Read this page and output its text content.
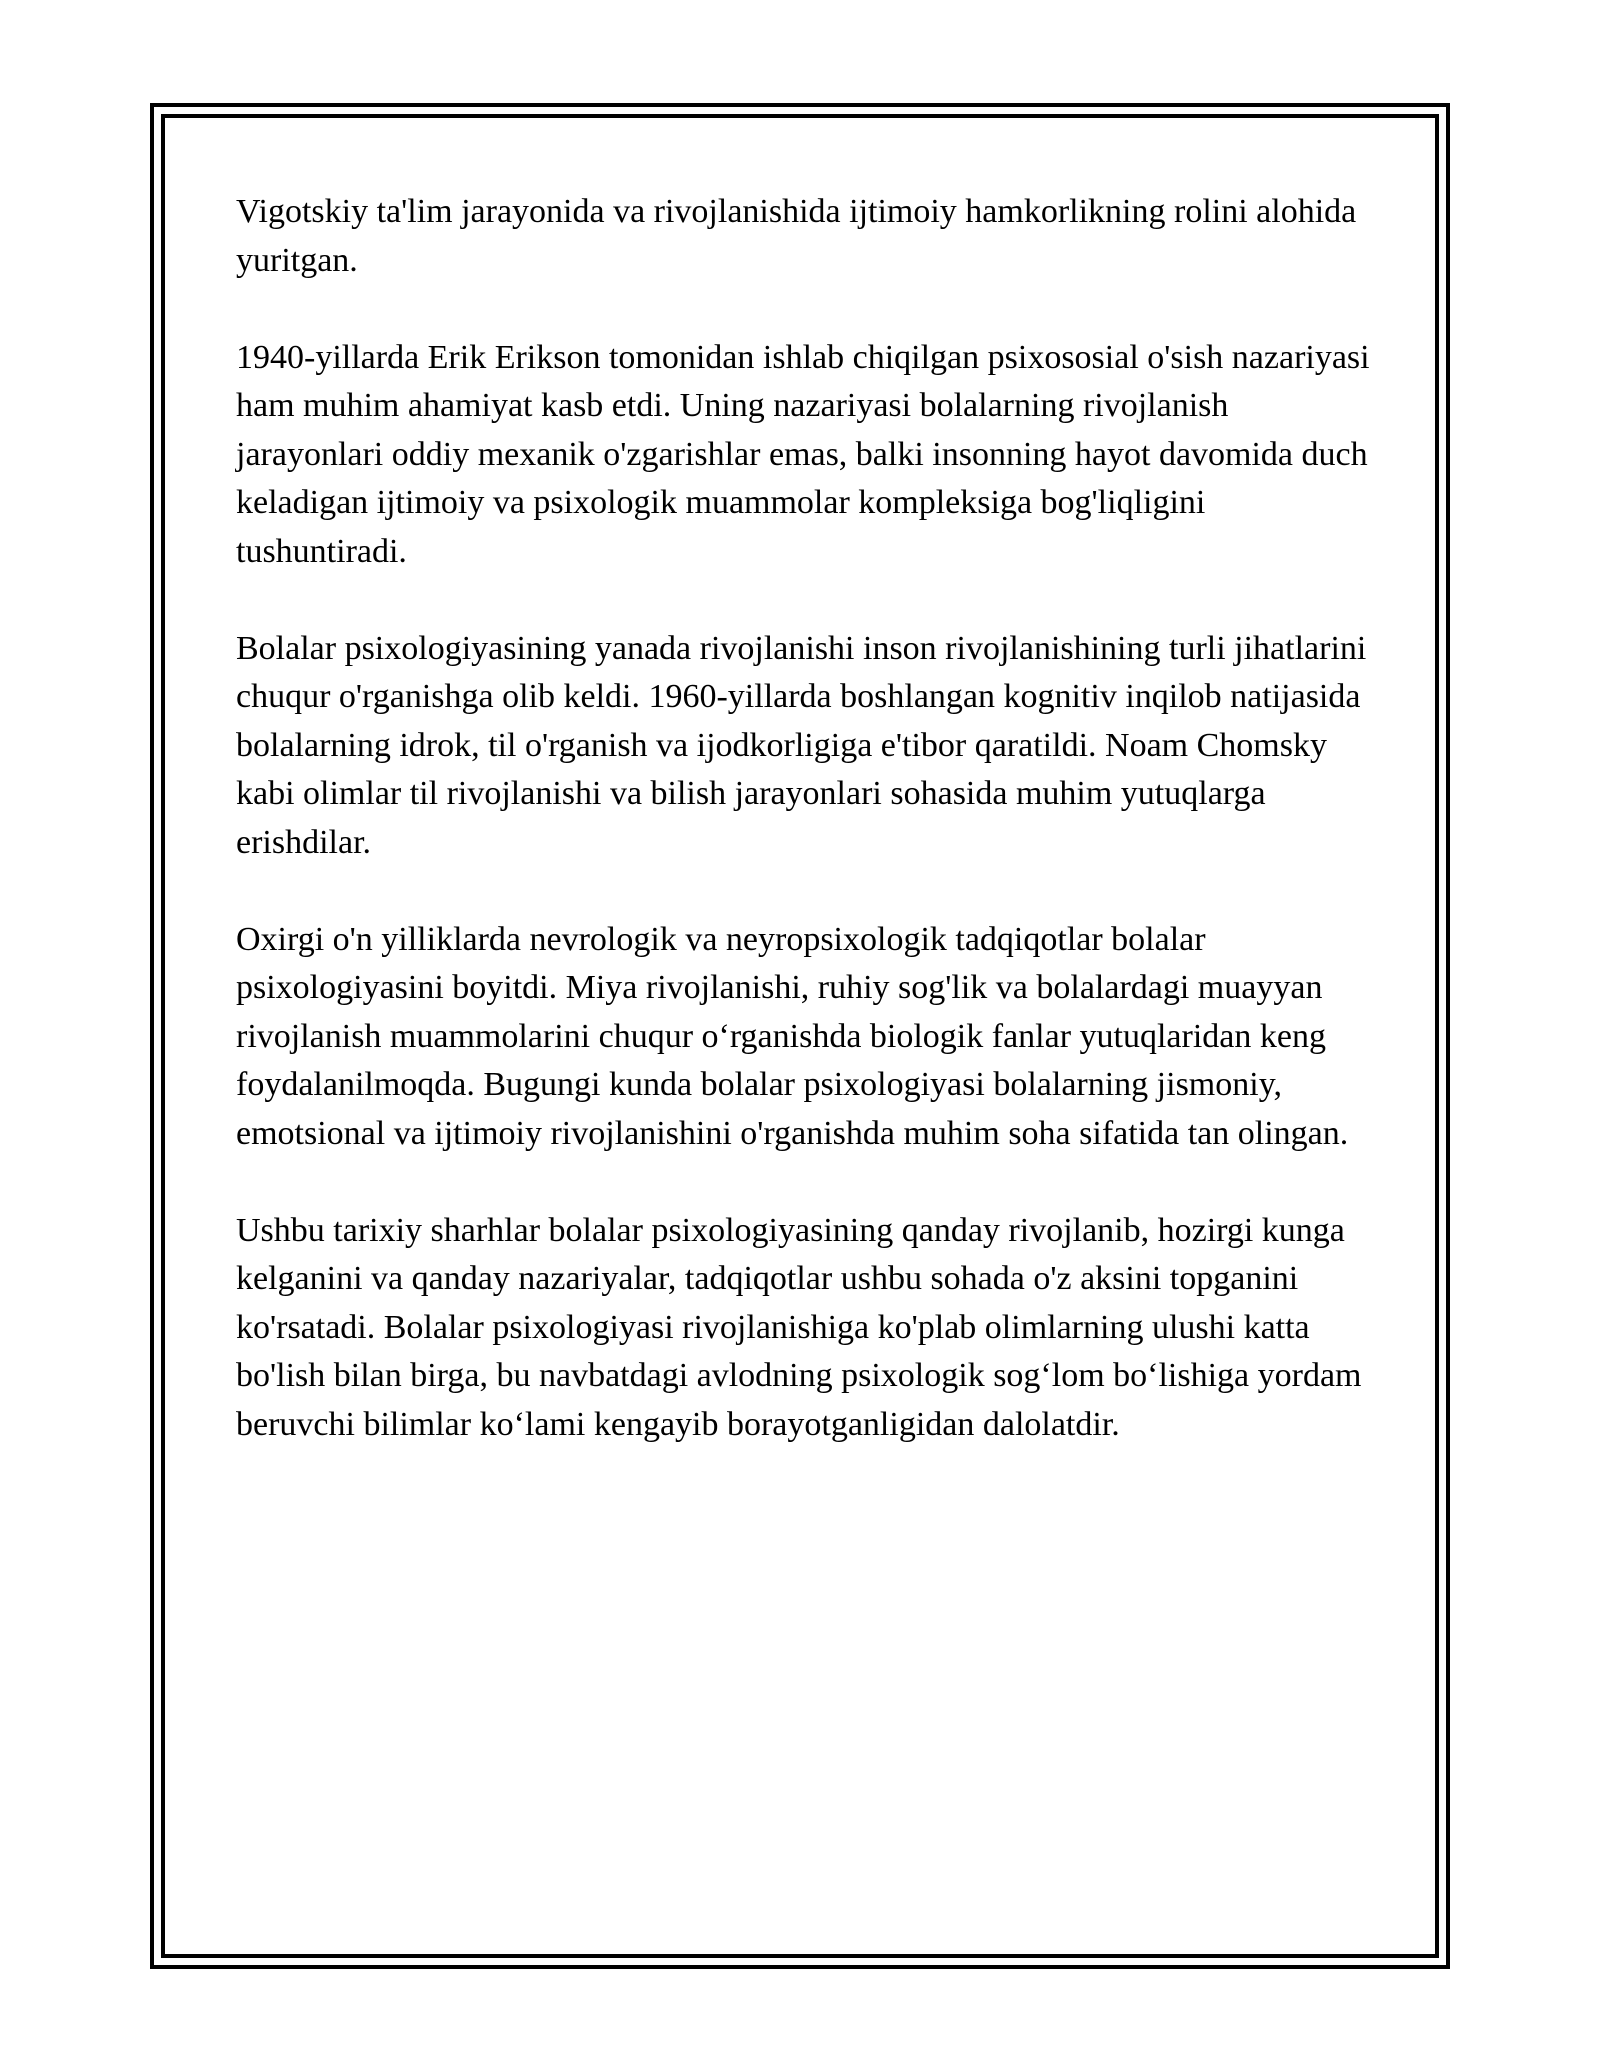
Vigotskiy ta'lim jarayonida va rivojlanishida ijtimoiy hamkorlikning rolini alohida yuritgan.

1940-yillarda Erik Erikson tomonidan ishlab chiqilgan psixososial o'sish nazariyasi ham muhim ahamiyat kasb etdi. Uning nazariyasi bolalarning rivojlanish jarayonlari oddiy mexanik o'zgarishlar emas, balki insonning hayot davomida duch keladigan ijtimoiy va psixologik muammolar kompleksiga bog'liqligini tushuntiradi.

Bolalar psixologiyasining yanada rivojlanishi inson rivojlanishining turli jihatlarini chuqur o'rganishga olib keldi. 1960-yillarda boshlangan kognitiv inqilob natijasida bolalarning idrok, til o'rganish va ijodkorligiga e'tibor qaratildi. Noam Chomsky kabi olimlar til rivojlanishi va bilish jarayonlari sohasida muhim yutuqlarga erishdilar.

Oxirgi o'n yilliklarda nevrologik va neyropsixologik tadqiqotlar bolalar psixologiyasini boyitdi. Miya rivojlanishi, ruhiy sog'lik va bolalardagi muayyan rivojlanish muammolarini chuqur o‘rganishda biologik fanlar yutuqlaridan keng foydalanilmoqda. Bugungi kunda bolalar psixologiyasi bolalarning jismoniy, emotsional va ijtimoiy rivojlanishini o'rganishda muhim soha sifatida tan olingan.

Ushbu tarixiy sharhlar bolalar psixologiyasining qanday rivojlanib, hozirgi kunga kelganini va qanday nazariyalar, tadqiqotlar ushbu sohada o'z aksini topganini ko'rsatadi. Bolalar psixologiyasi rivojlanishiga ko'plab olimlarning ulushi katta bo'lish bilan birga, bu navbatdagi avlodning psixologik sog‘lom bo‘lishiga yordam beruvchi bilimlar ko‘lami kengayib borayotganligidan dalolatdir.
